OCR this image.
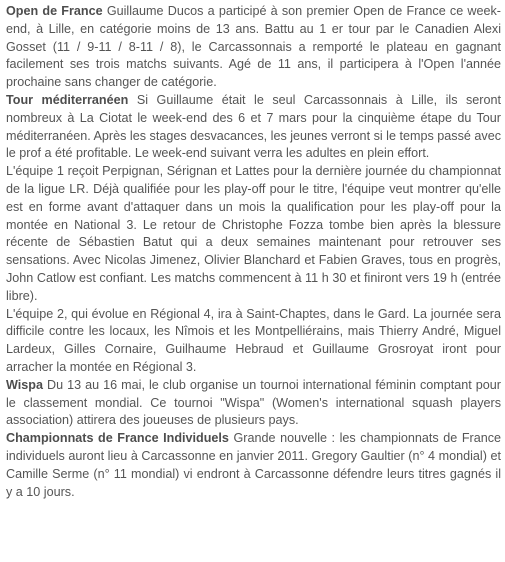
Open de France Guillaume Ducos a participé à son premier Open de France ce week-end, à Lille, en catégorie moins de 13 ans. Battu au 1 er tour par le Canadien Alexi Gosset (11 / 9-11 / 8-11 / 8), le Carcassonnais a remporté le plateau en gagnant facilement ses trois matchs suivants. Agé de 11 ans, il participera à l'Open l'année prochaine sans changer de catégorie.

Tour méditerranéen Si Guillaume était le seul Carcassonnais à Lille, ils seront nombreux à La Ciotat le week-end des 6 et 7 mars pour la cinquième étape du Tour méditerranéen. Après les stages desvacances, les jeunes verront si le temps passé avec le prof a été profitable. Le week-end suivant verra les adultes en plein effort.

L'équipe 1 reçoit Perpignan, Sérignan et Lattes pour la dernière journée du championnat de la ligue LR. Déjà qualifiée pour les play-off pour le titre, l'équipe veut montrer qu'elle est en forme avant d'attaquer dans un mois la qualification pour les play-off pour la montée en National 3. Le retour de Christophe Fozza tombe bien après la blessure récente de Sébastien Batut qui a deux semaines maintenant pour retrouver ses sensations. Avec Nicolas Jimenez, Olivier Blanchard et Fabien Graves, tous en progrès, John Catlow est confiant. Les matchs commencent à 11 h 30 et finiront vers 19 h (entrée libre).

L'équipe 2, qui évolue en Régional 4, ira à Saint-Chaptes, dans le Gard. La journée sera difficile contre les locaux, les Nîmois et les Montpelliérains, mais Thierry André, Miguel Lardeux, Gilles Cornaire, Guilhaume Hebraud et Guillaume Grosroyat iront pour arracher la montée en Régional 3.

Wispa Du 13 au 16 mai, le club organise un tournoi international féminin comptant pour le classement mondial. Ce tournoi "Wispa" (Women's international squash players association) attirera des joueuses de plusieurs pays.

Championnats de France Individuels Grande nouvelle : les championnats de France individuels auront lieu à Carcassonne en janvier 2011. Gregory Gaultier (n° 4 mondial) et Camille Serme (n° 11 mondial) vi endront à Carcassonne défendre leurs titres gagnés il y a 10 jours.
